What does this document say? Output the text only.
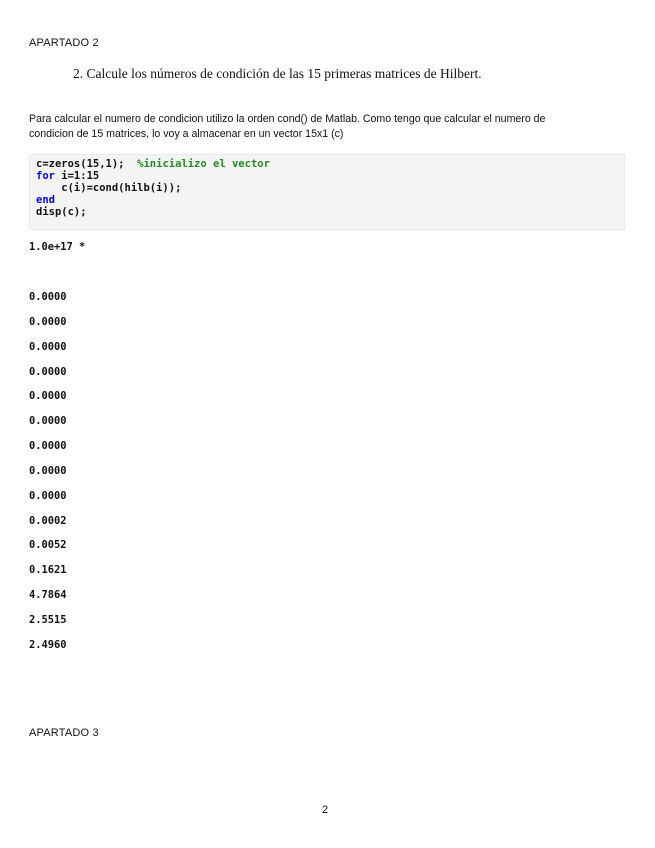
APARTADO 2
2. Calcule los números de condición de las 15 primeras matrices de Hilbert.
Para calcular el numero de condicion utilizo la orden cond() de Matlab. Como tengo que calcular el numero de
condicion de 15 matrices, lo voy a almacenar en un vector 15x1 (c)
c=zeros(15,1);  %inicializo el vector
for i=1:15
c(i)=cond(hilb(i));
end
disp(c);
1.0e+17 *
0.0000
0.0000
0.0000
0.0000
0.0000
0.0000
0.0000
0.0000
0.0000
0.0002
0.0052
0.1621
4.7864
2.5515
2.4960
APARTADO 3
2
